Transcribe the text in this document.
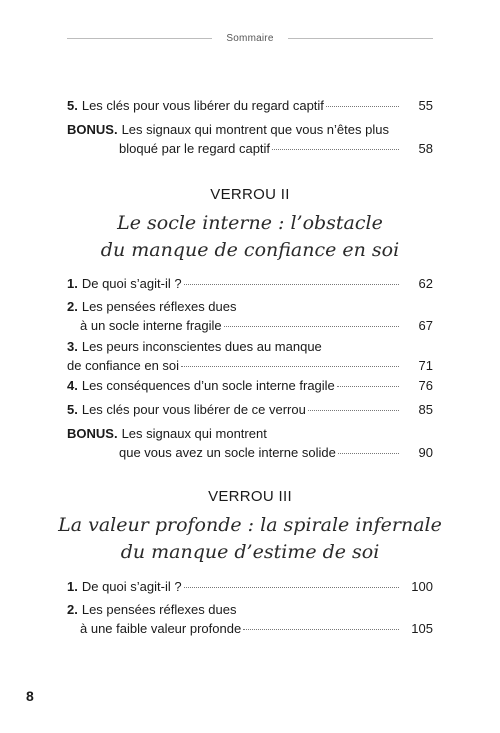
Sommaire
5. Les clés pour vous libérer du regard captif	55
BONUS. Les signaux qui montrent que vous n’êtes plus
bloqué par le regard captif	58
VERROU II
Le socle interne : l’obstacle
du manque de confiance en soi
1. De quoi s’agit-il ?	62
2. Les pensées réflexes dues
à un socle interne fragile	67
3. Les peurs inconscientes dues au manque
de confiance en soi	71
4. Les conséquences d’un socle interne fragile	76
5. Les clés pour vous libérer de ce verrou	85
BONUS. Les signaux qui montrent
que vous avez un socle interne solide	90
VERROU III
La valeur profonde : la spirale infernale
du manque d’estime de soi
1. De quoi s’agit-il ?	100
2. Les pensées réflexes dues
à une faible valeur profonde	105
8
